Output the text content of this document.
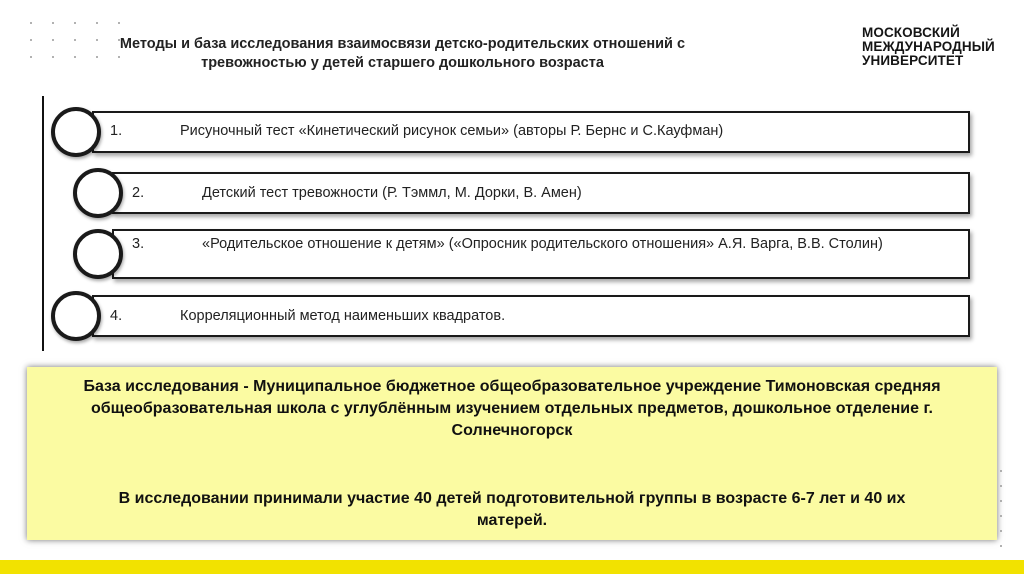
Методы и база исследования взаимосвязи детско-родительских отношений с тревожностью у детей старшего дошкольного возраста
МОСКОВСКИЙ
МЕЖДУНАРОДНЫЙ
УНИВЕРСИТЕТ
1.	Рисуночный тест «Кинетический рисунок семьи» (авторы Р. Бернс и С.Кауфман)
2.	Детский тест тревожности (Р. Тэммл, М. Дорки, В. Амен)
3.	«Родительское отношение к детям» («Опросник родительского отношения» А.Я. Варга, В.В. Столин)
4.	Корреляционный метод наименьших квадратов.
База исследования - Муниципальное бюджетное общеобразовательное учреждение Тимоновская средняя общеобразовательная школа с углублённым изучением отдельных предметов, дошкольное отделение г. Солнечногорск
В исследовании принимали участие 40 детей подготовительной группы в возрасте 6-7 лет и 40 их матерей.
